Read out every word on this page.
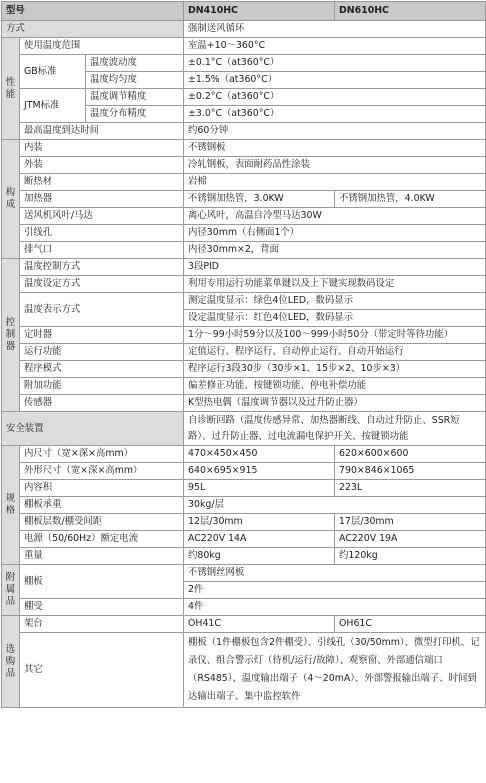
型号			DN410HC	DN610HC
方式			强制送风循环	
性能	使用温度范围		室温+10～360°C	
	GB标准	温度波动度	±0.1°C（at360°C）	
		温度均匀度	±1.5%（at360°C）	
	JTM标准	温度调节精度	±0.2°C（at360°C）	
		温度分布精度	±3.0°C（at360°C）	
	最高温度到达时间		约60分钟	
构成	内装		不锈钢板	
	外装		冷轧钢板，表面耐药品性涂装	
	断热材		岩棉	
	加热器		不锈钢加热管，3.0KW	不锈钢加热管，4.0KW
	送风机风叶/马达		离心风叶，高温自冷型马达30W	
	引线孔		内径30mm（右侧面1个）	
	排气口		内径30mm×2，背面	
控制器	温度控制方式		3段PID	
	温度设定方式		利用专用运行功能菜单键以及上下键实现数码设定	
	温度表示方式		测定温度显示：绿色4位LED，数码显示	
			设定温度显示：红色4位LED，数码显示	
	定时器		1分～99小时59分以及100～999小时50分（带定时等待功能）	
	运行功能		定值运行、程序运行、自动停止运行、自动开始运行	
	程序模式		程序运行3段30步（30步×1、15步×2、10步×3）	
	附加功能		偏差修正功能、按键锁功能、停电补偿功能	
	传感器		K型热电偶（温度调节器以及过升防止器）	
安全装置			自诊断回路（温度传感异常、加热器断线、自动过升防止、SSR短路）、过升防止器、过电流漏电保护开关、按键锁功能	
规格	内尺寸（宽×深×高mm）		470×450×450	620×600×600
	外形尺寸（宽×深×高mm）		640×695×915	790×846×1065
	内容积		95L	223L
	棚板承重		30kg/层	
	棚板层数/棚受间距		12层/30mm	17层/30mm
	电源（50/60Hz）额定电流		AC220V 14A	AC220V 19A
	重量		约80kg	约120kg
附属品	棚板		不锈钢丝网板	
			2件	
	棚受		4件	
选购品	架台		OH41C	OH61C
	其它		棚板（1件棚板包含2件棚受）、引线孔（30/50mm）、微型打印机、记录仪、组合警示灯（待机/运行/故障）、观察窗、外部通信端口（RS485）、温度输出端子（4～20mA）、外部警报输出端子、时间到达输出端子、集中监控软件	
